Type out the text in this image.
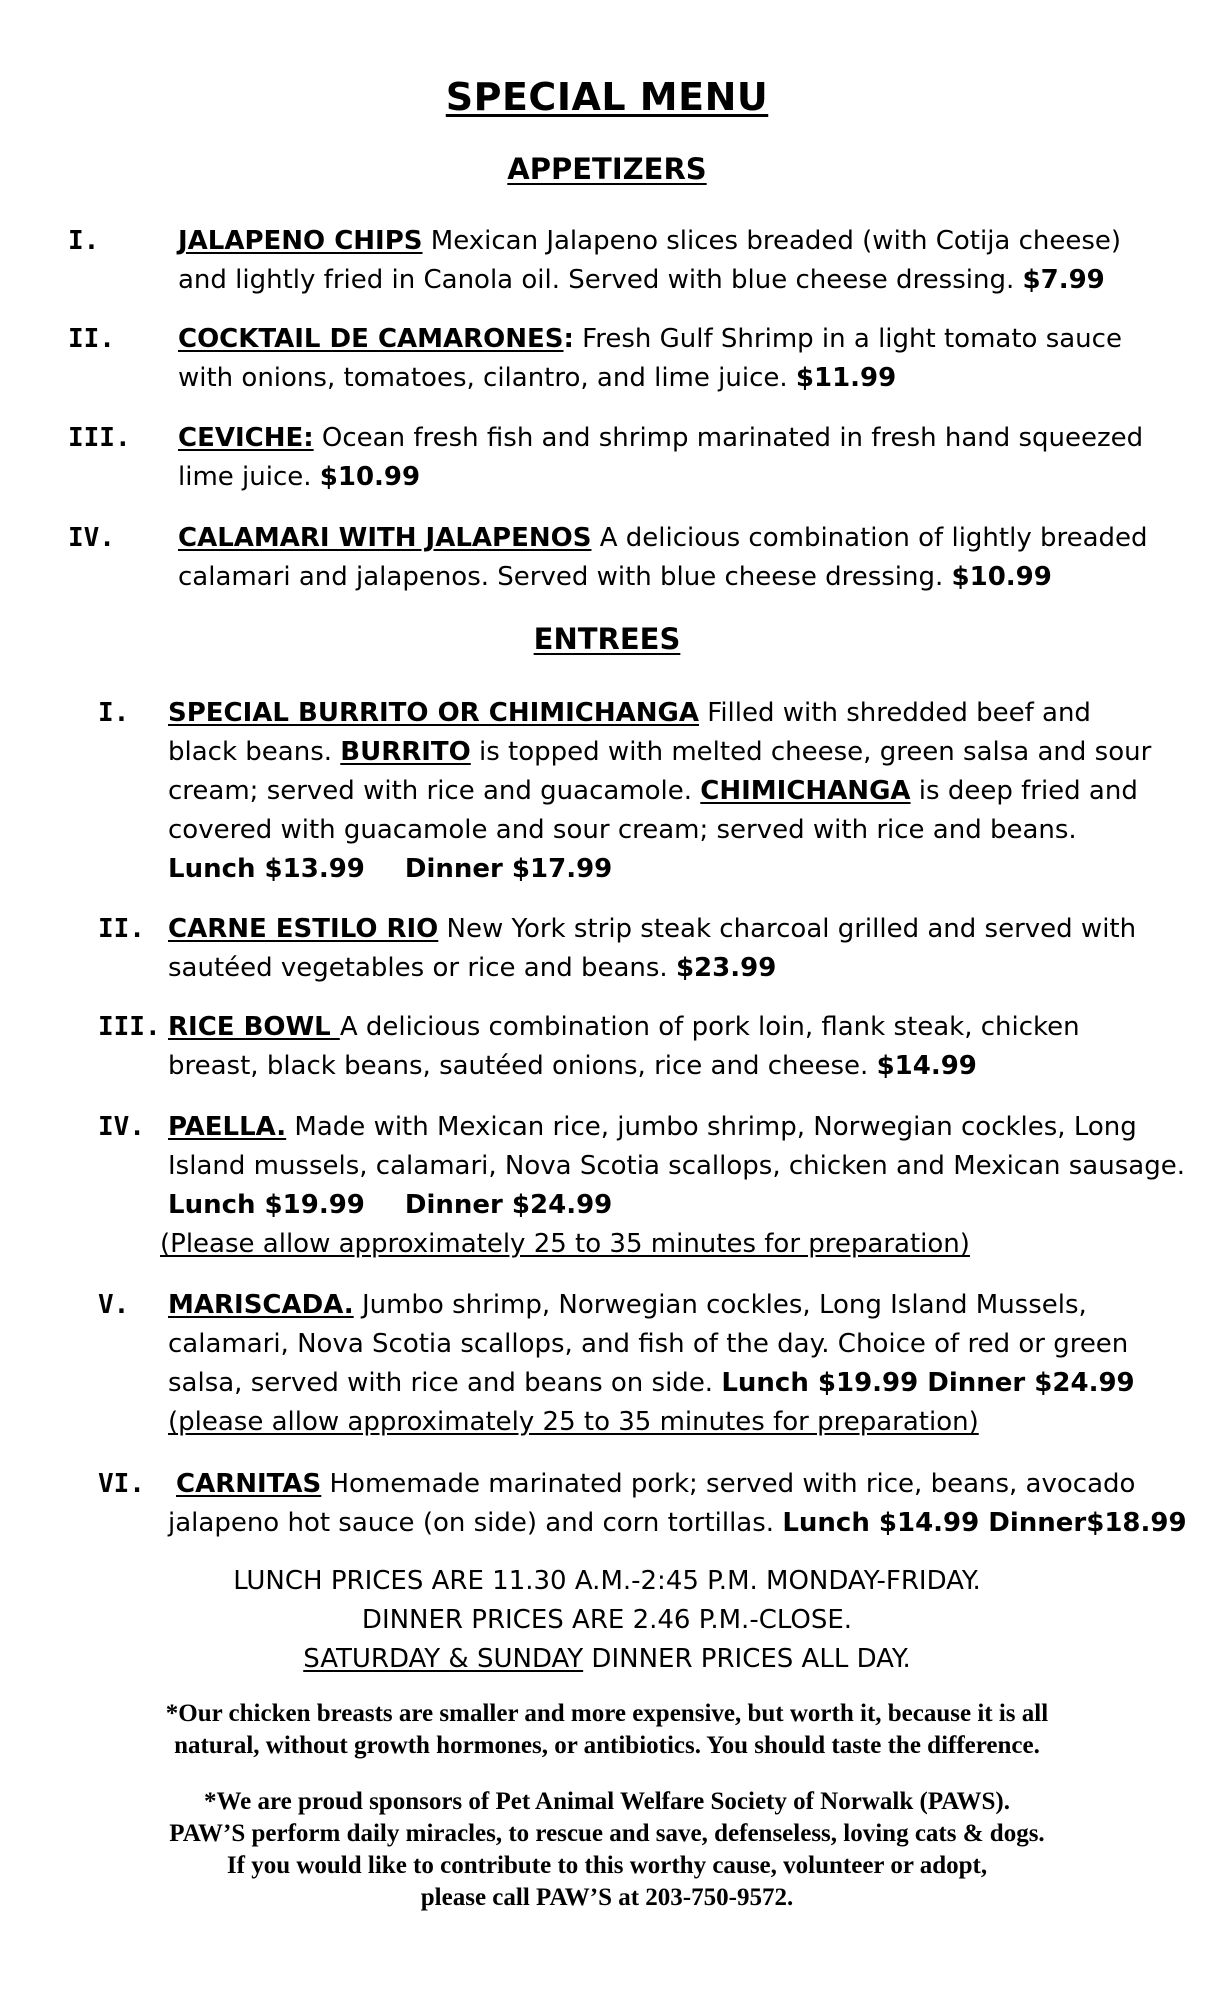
SPECIAL MENU
APPETIZERS
I.	JALAPENO CHIPS Mexican Jalapeno slices breaded (with Cotija cheese)
and lightly fried in Canola oil. Served with blue cheese dressing. $7.99
II. COCKTAIL DE CAMARONES: Fresh Gulf Shrimp in a light tomato sauce
with onions, tomatoes, cilantro, and lime juice. $11.99
III. CEVICHE: Ocean fresh fish and shrimp marinated in fresh hand squeezed
lime juice. $10.99
IV. CALAMARI WITH JALAPENOS A delicious combination of lightly breaded
calamari and jalapenos. Served with blue cheese dressing. $10.99
ENTREES
I. SPECIAL BURRITO OR CHIMICHANGA Filled with shredded beef and
black beans. BURRITO is topped with melted cheese, green salsa and sour
cream; served with rice and guacamole. CHIMICHANGA is deep fried and
covered with guacamole and sour cream; served with rice and beans.
Lunch $13.99 Dinner $17.99
II. CARNE ESTILO RIO New York strip steak charcoal grilled and served with
sautéed vegetables or rice and beans. $23.99
III. RICE BOWL A delicious combination of pork loin, flank steak, chicken
breast, black beans, sautéed onions, rice and cheese. $14.99
IV. PAELLA. Made with Mexican rice, jumbo shrimp, Norwegian cockles, Long
Island mussels, calamari, Nova Scotia scallops, chicken and Mexican sausage.
Lunch $19.99 Dinner $24.99
(Please allow approximately 25 to 35 minutes for preparation)
V. MARISCADA. Jumbo shrimp, Norwegian cockles, Long Island Mussels,
calamari, Nova Scotia scallops, and fish of the day. Choice of red or green
salsa, served with rice and beans on side. Lunch $19.99 Dinner $24.99
(please allow approximately 25 to 35 minutes for preparation)
VI.	CARNITAS Homemade marinated pork; served with rice, beans, avocado
jalapeno hot sauce (on side) and corn tortillas. Lunch $14.99 Dinner$18.99
LUNCH PRICES ARE 11.30 A.M.-2:45 P.M. MONDAY-FRIDAY.
DINNER PRICES ARE 2.46 P.M.-CLOSE.
SATURDAY & SUNDAY DINNER PRICES ALL DAY.
*Our chicken breasts are smaller and more expensive, but worth it, because it is all
natural, without growth hormones, or antibiotics. You should taste the difference.
*We are proud sponsors of Pet Animal Welfare Society of Norwalk (PAWS).
PAW’S perform daily miracles, to rescue and save, defenseless, loving cats & dogs.
If you would like to contribute to this worthy cause, volunteer or adopt,
please call PAW’S at 203-750-9572.
